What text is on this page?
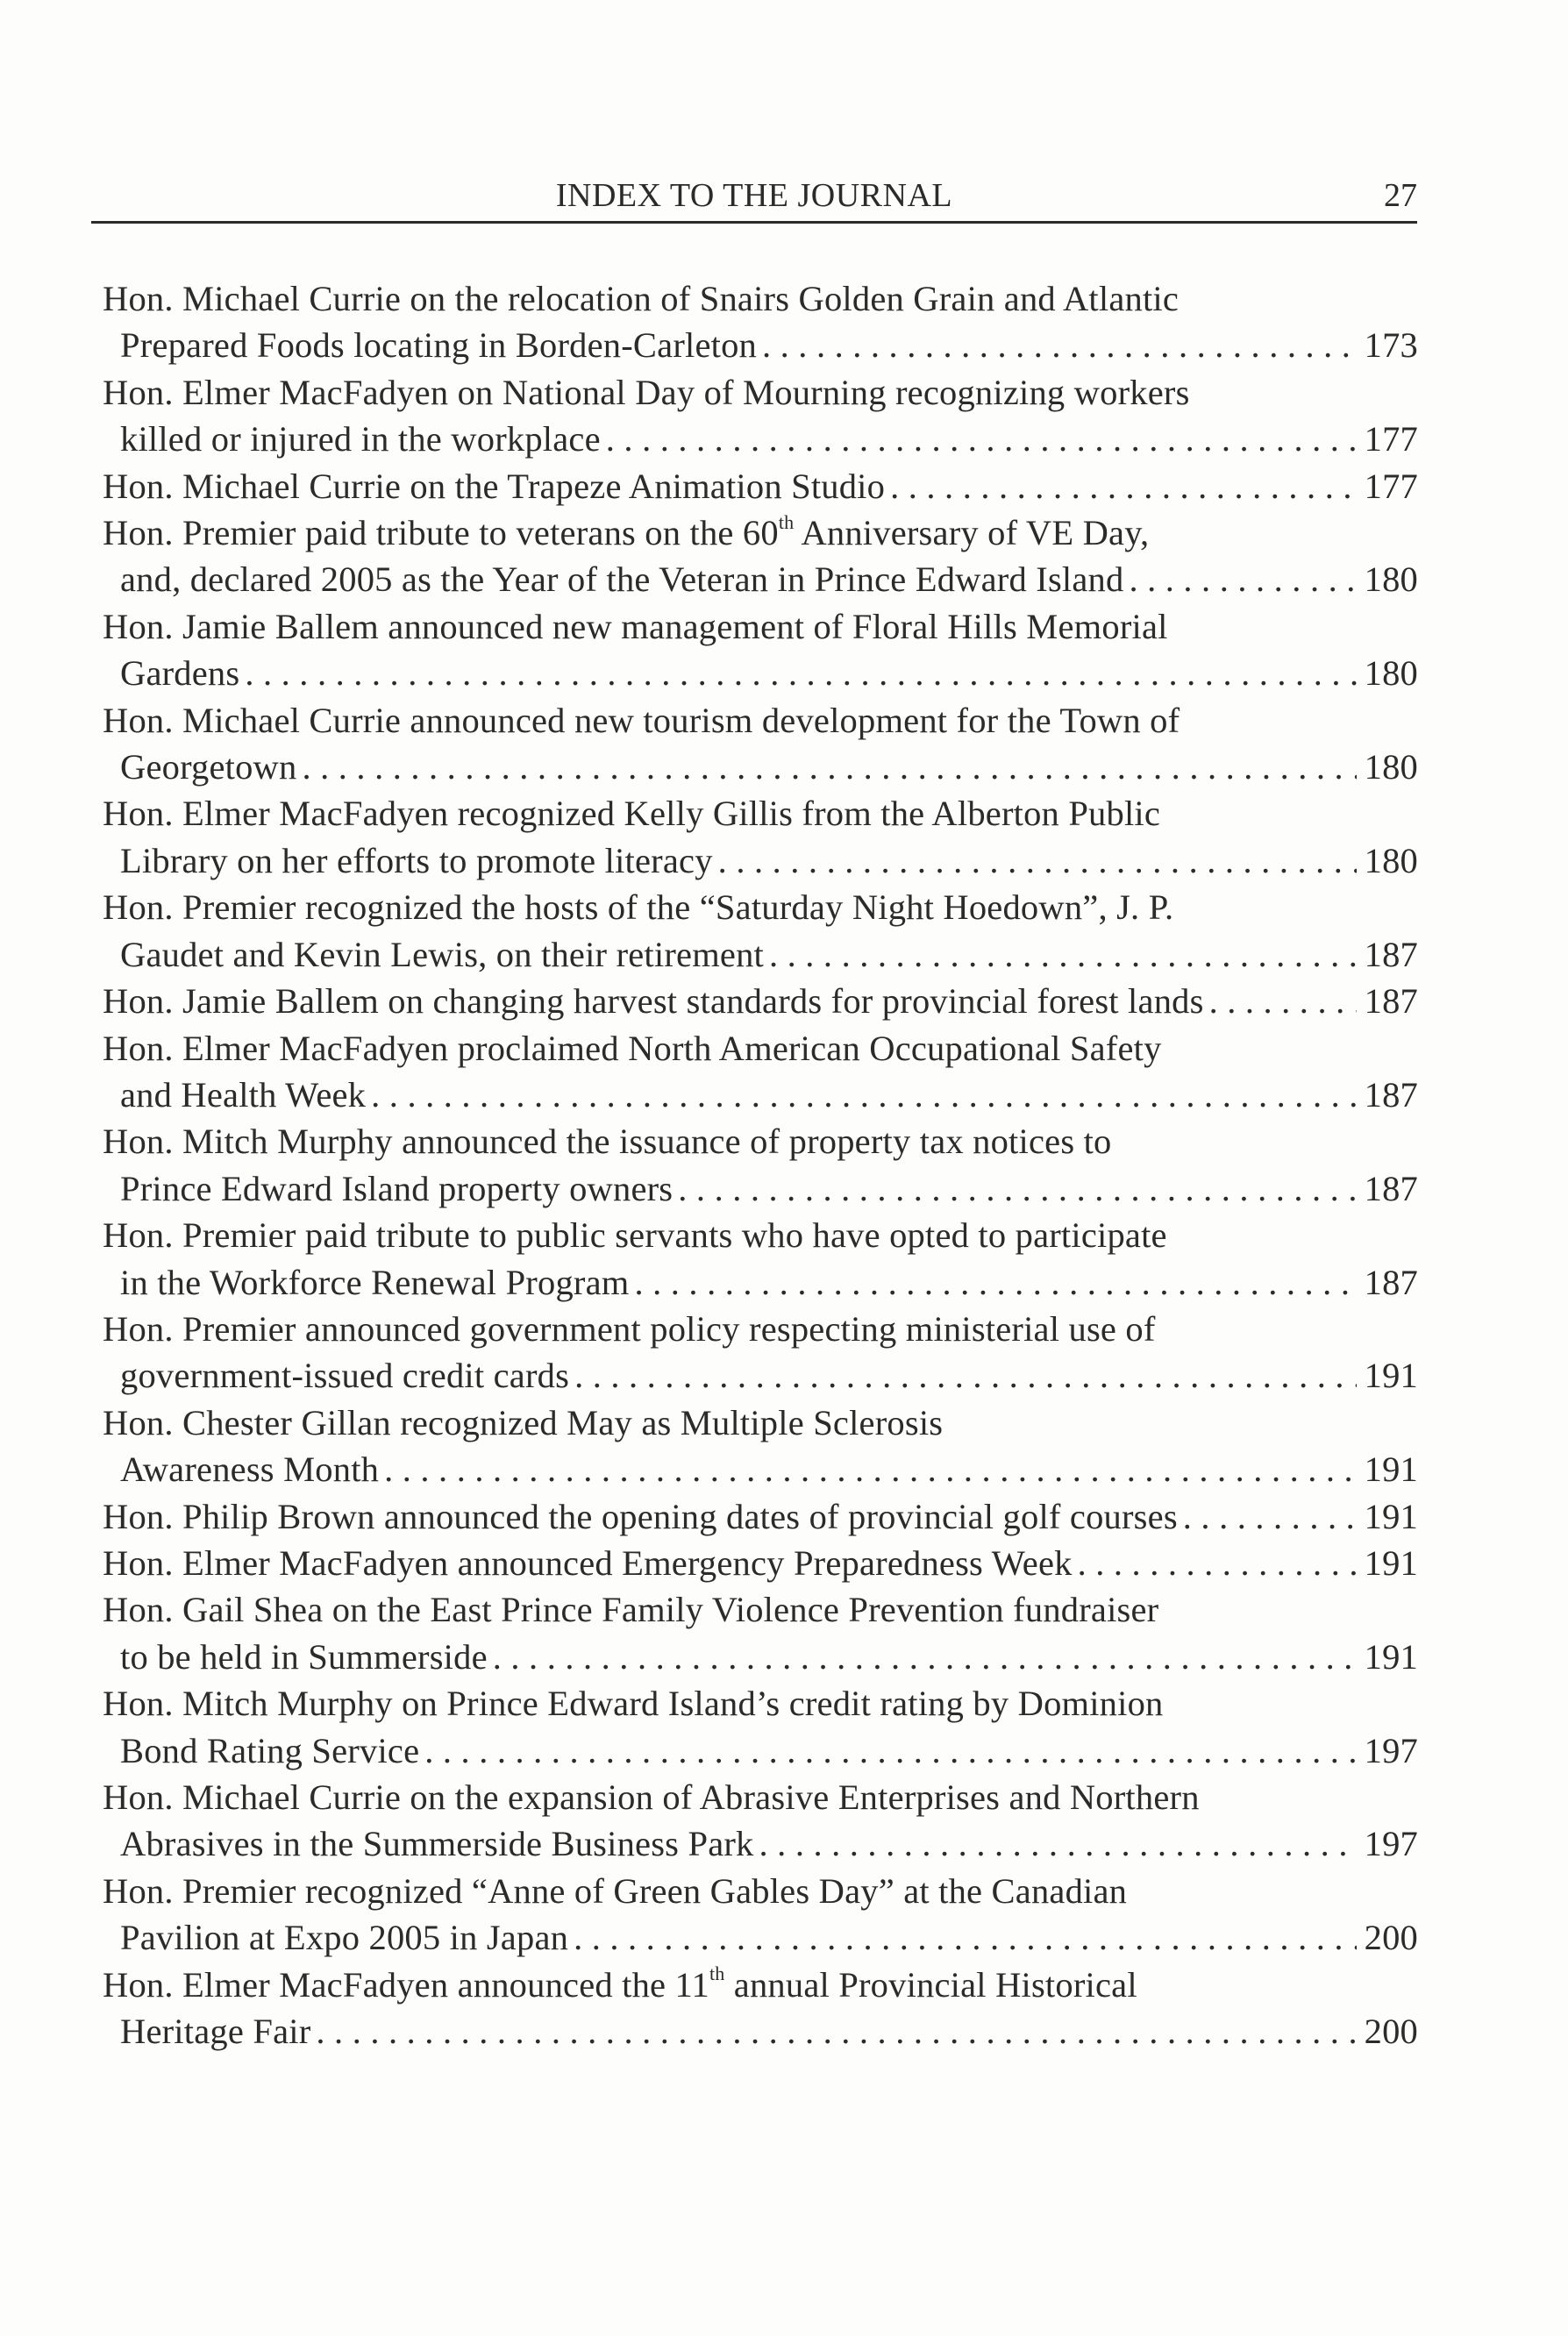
INDEX TO THE JOURNAL	27
Hon. Michael Currie on the relocation of Snairs Golden Grain and Atlantic
Prepared Foods locating in Borden-Carleton . . .	173
Hon. Elmer MacFadyen on National Day of Mourning recognizing workers
killed or injured in the workplace . . .	177
Hon. Michael Currie on the Trapeze Animation Studio . . .	177
Hon. Premier paid tribute to veterans on the 60th Anniversary of VE Day,
and, declared 2005 as the Year of the Veteran in Prince Edward Island . . .	180
Hon. Jamie Ballem announced new management of Floral Hills Memorial
Gardens . . .	180
Hon. Michael Currie announced new tourism development for the Town of
Georgetown . . .	180
Hon. Elmer MacFadyen recognized Kelly Gillis from the Alberton Public
Library on her efforts to promote literacy . . .	180
Hon. Premier recognized the hosts of the “Saturday Night Hoedown”, J. P.
Gaudet and Kevin Lewis, on their retirement . . .	187
Hon. Jamie Ballem on changing harvest standards for provincial forest lands . . .	187
Hon. Elmer MacFadyen proclaimed North American Occupational Safety
and Health Week . . .	187
Hon. Mitch Murphy announced the issuance of property tax notices to
Prince Edward Island property owners . . .	187
Hon. Premier paid tribute to public servants who have opted to participate
in the Workforce Renewal Program . . .	187
Hon. Premier announced government policy respecting ministerial use of
government-issued credit cards . . .	191
Hon. Chester Gillan recognized May as Multiple Sclerosis
Awareness Month . . .	191
Hon. Philip Brown announced the opening dates of provincial golf courses . . .	191
Hon. Elmer MacFadyen announced Emergency Preparedness Week . . .	191
Hon. Gail Shea on the East Prince Family Violence Prevention fundraiser
to be held in Summerside . . .	191
Hon. Mitch Murphy on Prince Edward Island’s credit rating by Dominion
Bond Rating Service . . .	197
Hon. Michael Currie on the expansion of Abrasive Enterprises and Northern
Abrasives in the Summerside Business Park . . .	197
Hon. Premier recognized “Anne of Green Gables Day” at the Canadian
Pavilion at Expo 2005 in Japan . . .	200
Hon. Elmer MacFadyen announced the 11th annual Provincial Historical
Heritage Fair . . .	200
